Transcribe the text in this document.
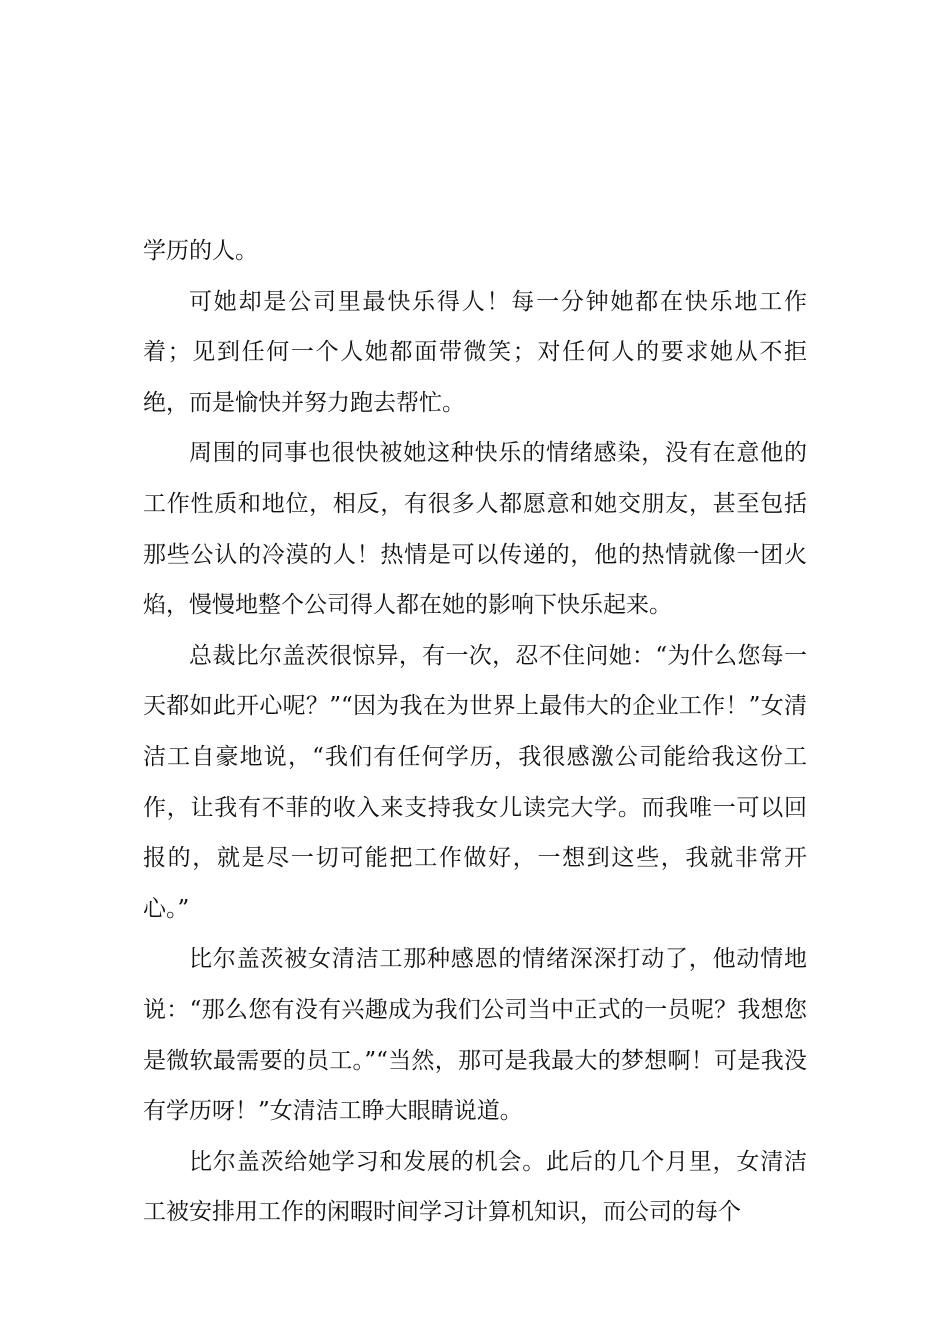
学历的人。

可她却是公司里最快乐得人！每一分钟她都在快乐地工作着；见到任何一个人她都面带微笑；对任何人的要求她从不拒绝，而是愉快并努力跑去帮忙。

周围的同事也很快被她这种快乐的情绪感染，没有在意他的工作性质和地位，相反，有很多人都愿意和她交朋友，甚至包括那些公认的冷漠的人！热情是可以传递的，他的热情就像一团火焰，慢慢地整个公司得人都在她的影响下快乐起来。

总裁比尔盖茨很惊异，有一次，忍不住问她：“为什么您每一天都如此开心呢？”“因为我在为世界上最伟大的企业工作！”女清洁工自豪地说，“我们有任何学历，我很感激公司能给我这份工作，让我有不菲的收入来支持我女儿读完大学。而我唯一可以回报的，就是尽一切可能把工作做好，一想到这些，我就非常开心。”

比尔盖茨被女清洁工那种感恩的情绪深深打动了，他动情地说：“那么您有没有兴趣成为我们公司当中正式的一员呢？我想您是微软最需要的员工。”“当然，那可是我最大的梦想啊！可是我没有学历呀！”女清洁工睁大眼睛说道。

比尔盖茨给她学习和发展的机会。此后的几个月里，女清洁工被安排用工作的闲暇时间学习计算机知识，而公司的每个
